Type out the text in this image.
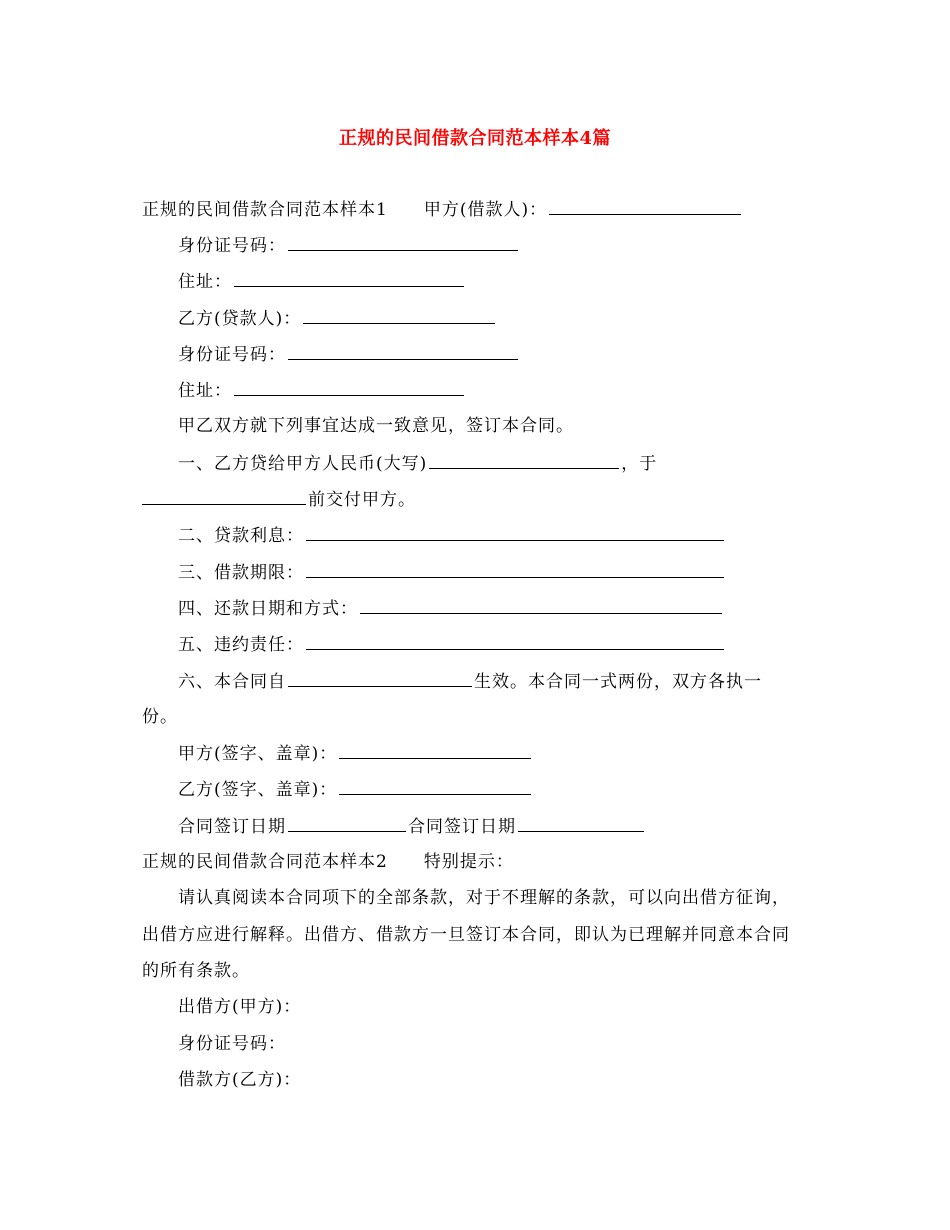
正规的民间借款合同范本样本4篇
正规的民间借款合同范本样本1 甲方(借款人)：
身份证号码：
住址：
乙方(贷款人)：
身份证号码：
住址：
甲乙双方就下列事宜达成一致意见，签订本合同。
一、乙方贷给甲方人民币(大写)	，于
前交付甲方。
二、贷款利息：
三、借款期限：
四、还款日期和方式：
五、违约责任：
六、本合同自	生效。本合同一式两份，双方各执一
份。
甲方(签字、盖章)：
乙方(签字、盖章)：
合同签订日期	合同签订日期
正规的民间借款合同范本样本2 特别提示：
请认真阅读本合同项下的全部条款，对于不理解的条款，可以向出借方征询，
出借方应进行解释。出借方、借款方一旦签订本合同，即认为已理解并同意本合同
的所有条款。
出借方(甲方)：
身份证号码：
借款方(乙方)：
